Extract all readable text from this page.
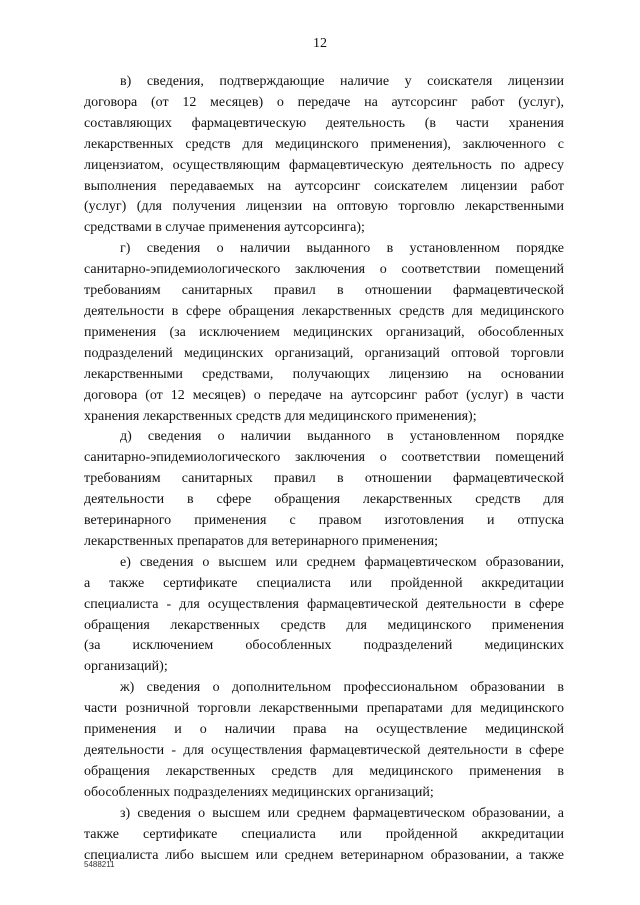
12

в) сведения, подтверждающие наличие у соискателя лицензии
договора (от 12 месяцев) о передаче на аутсорсинг работ (услуг),
составляющих фармацевтическую деятельность (в части хранения
лекарственных средств для медицинского применения), заключенного с
лицензиатом, осуществляющим фармацевтическую деятельность по адресу
выполнения передаваемых на аутсорсинг соискателем лицензии работ
(услуг) (для получения лицензии на оптовую торговлю лекарственными
средствами в случае применения аутсорсинга);

г) сведения о наличии выданного в установленном порядке
санитарно-эпидемиологического заключения о соответствии помещений
требованиям санитарных правил в отношении фармацевтической
деятельности в сфере обращения лекарственных средств для медицинского
применения (за исключением медицинских организаций, обособленных
подразделений медицинских организаций, организаций оптовой торговли
лекарственными средствами, получающих лицензию на основании
договора (от 12 месяцев) о передаче на аутсорсинг работ (услуг) в части
хранения лекарственных средств для медицинского применения);

д) сведения о наличии выданного в установленном порядке
санитарно-эпидемиологического заключения о соответствии помещений
требованиям санитарных правил в отношении фармацевтической
деятельности в сфере обращения лекарственных средств для
ветеринарного применения с правом изготовления и отпуска
лекарственных препаратов для ветеринарного применения;

е) сведения о высшем или среднем фармацевтическом образовании,
а также сертификате специалиста или пройденной аккредитации
специалиста - для осуществления фармацевтической деятельности в сфере
обращения лекарственных средств для медицинского применения
(за исключением обособленных подразделений медицинских
организаций);

ж) сведения о дополнительном профессиональном образовании в
части розничной торговли лекарственными препаратами для медицинского
применения и о наличии права на осуществление медицинской
деятельности - для осуществления фармацевтической деятельности в сфере
обращения лекарственных средств для медицинского применения в
обособленных подразделениях медицинских организаций;

з) сведения о высшем или среднем фармацевтическом образовании, а
также сертификате специалиста или пройденной аккредитации
специалиста либо высшем или среднем ветеринарном образовании, а также

5488211
